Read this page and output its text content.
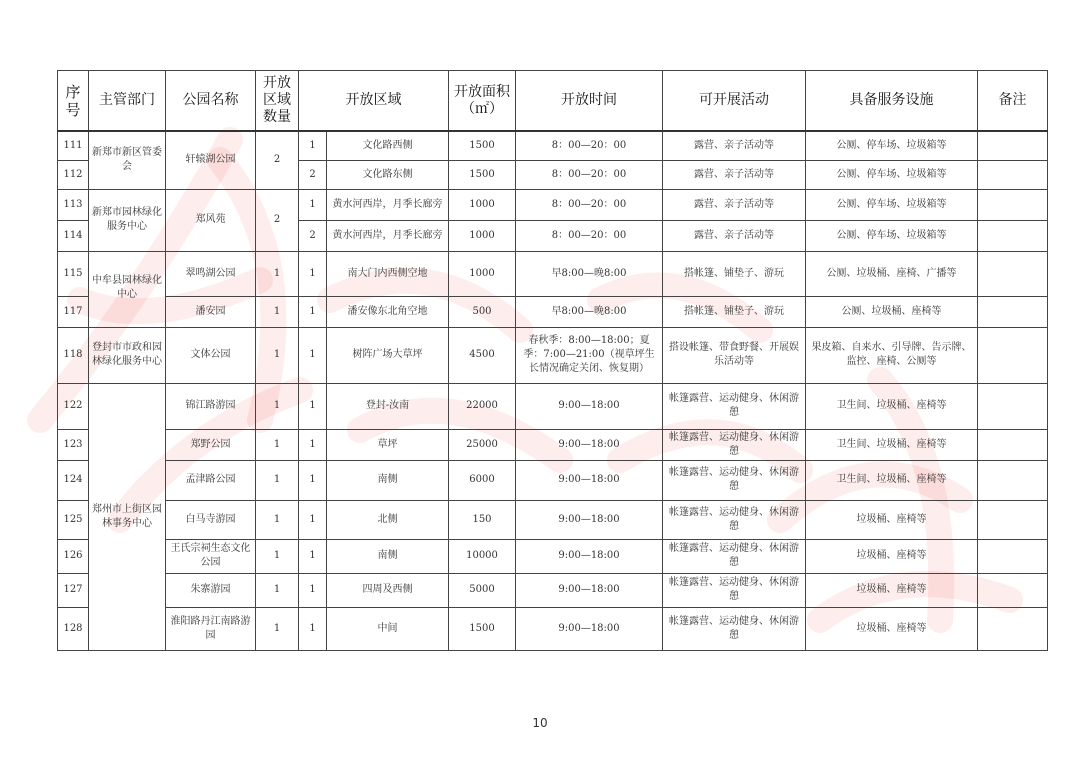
序号	主管部门	公园名称	开放区域数量	开放区域		开放面积（㎡）	开放时间	可开展活动	具备服务设施	备注
111	新郑市新区管委会	轩辕湖公园	2	1	文化路西侧	1500	8：00—20：00	露营、亲子活动等	公厕、停车场、垃圾箱等	
112				2	文化路东侧	1500	8：00—20：00	露营、亲子活动等	公厕、停车场、垃圾箱等	
113	新郑市园林绿化服务中心	郑风苑	2	1	黄水河西岸，月季长廊旁	1000	8：00—20：00	露营、亲子活动等	公厕、停车场、垃圾箱等	
114				2	黄水河西岸，月季长廊旁	1000	8：00—20：00	露营、亲子活动等	公厕、停车场、垃圾箱等	
115	中牟县园林绿化中心	翠鸣湖公园	1	1	南大门内西侧空地	1000	早8:00—晚8:00	搭帐篷、铺垫子、游玩	公厕、垃圾桶、座椅、广播等	
117		潘安园	1	1	潘安像东北角空地	500	早8:00—晚8:00	搭帐篷、铺垫子、游玩	公厕、垃圾桶、座椅等	
118	登封市市政和园林绿化服务中心	文体公园	1	1	树阵广场大草坪	4500	春秋季：8:00—18:00；夏季：7:00—21:00（视草坪生长情况确定关闭、恢复期）	搭设帐篷、带食野餐、开展娱乐活动等	果皮箱、自来水、引导牌、告示牌、监控、座椅、公厕等	
122	郑州市上街区园林事务中心	锦江路游园	1	1	登封-汝南	22000	9:00—18:00	帐篷露营、运动健身、休闲游憩	卫生间、垃圾桶、座椅等	
123		郑野公园	1	1	草坪	25000	9:00—18:00	帐篷露营、运动健身、休闲游憩	卫生间、垃圾桶、座椅等	
124		孟津路公园	1	1	南侧	6000	9:00—18:00	帐篷露营、运动健身、休闲游憩	卫生间、垃圾桶、座椅等	
125		白马寺游园	1	1	北侧	150	9:00—18:00	帐篷露营、运动健身、休闲游憩	垃圾桶、座椅等	
126		王氏宗祠生态文化公园	1	1	南侧	10000	9:00—18:00	帐篷露营、运动健身、休闲游憩	垃圾桶、座椅等	
127		朱寨游园	1	1	四周及西侧	5000	9:00—18:00	帐篷露营、运动健身、休闲游憩	垃圾桶、座椅等	
128		淮阳路丹江南路游园	1	1	中间	1500	9:00—18:00	帐篷露营、运动健身、休闲游憩	垃圾桶、座椅等	
10
